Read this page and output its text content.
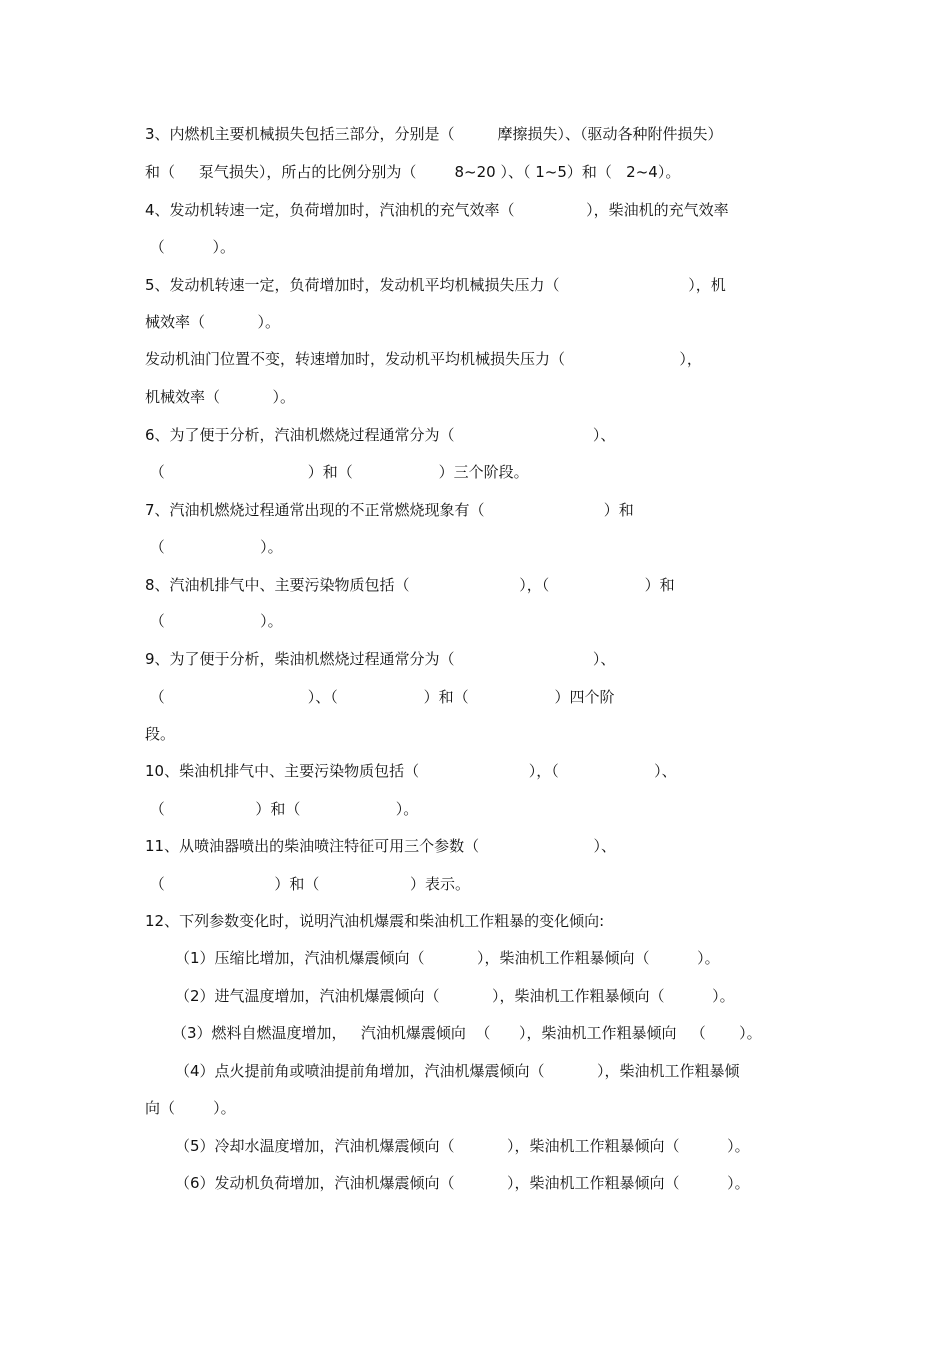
3、内燃机主要机械损失包括三部分，分别是（         摩擦损失）、（驱动各种附件损失）
和（     泵气损失），所占的比例分别为（        8~20 ）、（ 1~5）和（   2~4）。
4、发动机转速一定，负荷增加时，汽油机的充气效率（               ），柴油机的充气效率
（          ）。
5、发动机转速一定，负荷增加时，发动机平均机械损失压力（                           ），机
械效率（           ）。
发动机油门位置不变，转速增加时，发动机平均机械损失压力（                        ），
机械效率（           ）。
6、为了便于分析，汽油机燃烧过程通常分为（                             ）、
（                              ）和（                  ）三个阶段。
7、汽油机燃烧过程通常出现的不正常燃烧现象有（                         ）和
（                    ）。
8、汽油机排气中、主要污染物质包括（                       ），（                    ）和
（                    ）。
9、为了便于分析，柴油机燃烧过程通常分为（                             ）、
（                              ）、（                  ）和（                  ）四个阶
段。
10、柴油机排气中、主要污染物质包括（                       ），（                    ）、
（                   ）和（                    ）。
11、从喷油器喷出的柴油喷注特征可用三个参数（                        ）、
（                       ）和（                   ）表示。
12、下列参数变化时，说明汽油机爆震和柴油机工作粗暴的变化倾向:
（1）压缩比增加，汽油机爆震倾向（           ），柴油机工作粗暴倾向（          ）。
（2）进气温度增加，汽油机爆震倾向（           ），柴油机工作粗暴倾向（          ）。
（3）燃料自燃温度增加，   汽油机爆震倾向  （      ），柴油机工作粗暴倾向   （       ）。
（4）点火提前角或喷油提前角增加，汽油机爆震倾向（           ），柴油机工作粗暴倾
向（        ）。
（5）冷却水温度增加，汽油机爆震倾向（           ），柴油机工作粗暴倾向（          ）。
（6）发动机负荷增加，汽油机爆震倾向（           ），柴油机工作粗暴倾向（          ）。
